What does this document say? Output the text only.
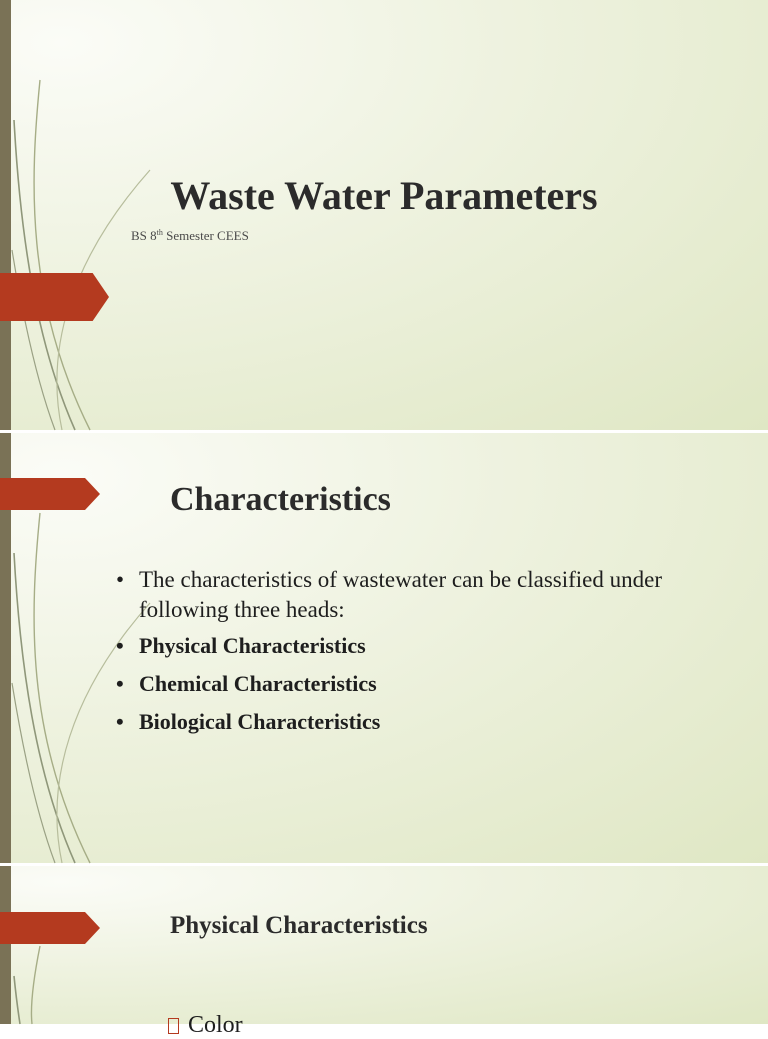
Waste Water Parameters

BS 8th Semester CEES

Characteristics
• The characteristics of wastewater can be classified under following three heads:
• Physical Characteristics
• Chemical Characteristics
• Biological Characteristics
Physical Characteristics
Color
